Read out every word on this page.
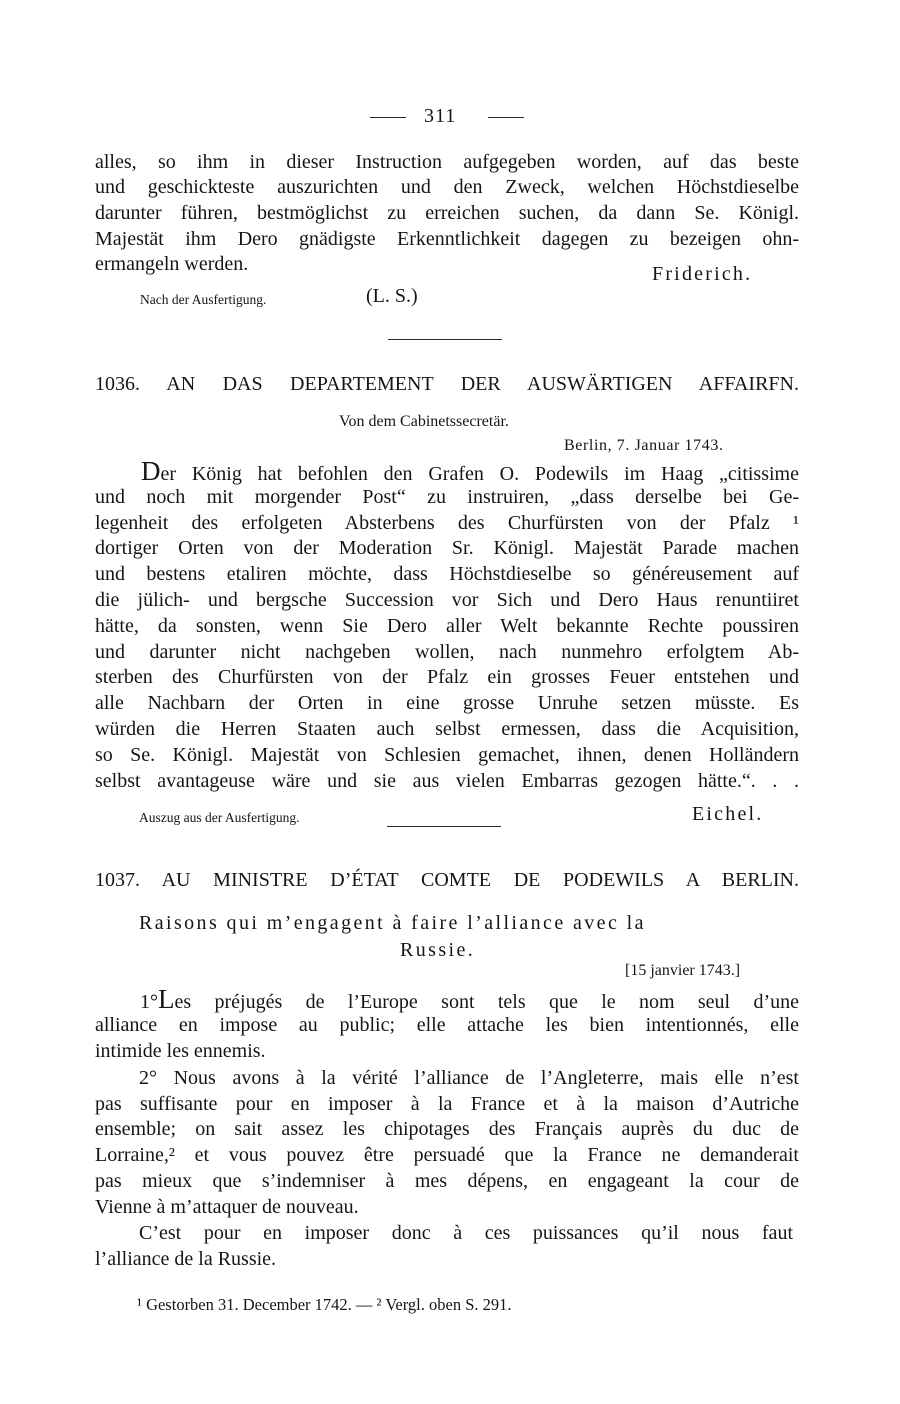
311
alles, so ihm in dieser Instruction aufgegeben worden, auf das beste
und geschickteste auszurichten und den Zweck, welchen Höchstdieselbe
darunter führen, bestmöglichst zu erreichen suchen, da dann Se. Königl.
Majestät ihm Dero gnädigste Erkenntlichkeit dagegen zu bezeigen ohn-
ermangeln werden.	Friderich.
Nach der Ausfertigung.	(L. S.)
1036. AN DAS DEPARTEMENT DER AUSWÄRTIGEN AFFAIRFN.
Von dem Cabinetssecretär.
Berlin, 7. Januar 1743.
D er König hat befohlen den Grafen O. Podewils im Haag „citissime
und noch mit morgender Post“ zu instruiren, „dass derselbe bei Ge-
legenheit des erfolgeten Absterbens des Churfürsten von der Pfalz ¹
dortiger Orten von der Moderation Sr. Königl. Majestät Parade machen
und bestens etaliren möchte, dass Höchstdieselbe so généreusement auf
die jülich- und bergsche Succession vor Sich und Dero Haus renuntiiret
hätte, da sonsten, wenn Sie Dero aller Welt bekannte Rechte poussiren
und darunter nicht nachgeben wollen, nach nunmehro erfolgtem Ab-
sterben des Churfürsten von der Pfalz ein grosses Feuer entstehen und
alle Nachbarn der Orten in eine grosse Unruhe setzen müsste. Es
würden die Herren Staaten auch selbst ermessen, dass die Acquisition,
so Se. Königl. Majestät von Schlesien gemachet, ihnen, denen Holländern
selbst avantageuse wäre und sie aus vielen Embarras gezogen hätte.“. . .
Auszug aus der Ausfertigung.	Eichel.
1037. AU MINISTRE D’ÉTAT COMTE DE PODEWILS A BERLIN.
Raisons qui m’engagent à faire l’alliance avec la
Russie.
[15 janvier 1743.]
1° L es préjugés de l’Europe sont tels que le nom seul d’une
alliance en impose au public; elle attache les bien intentionnés, elle
intimide les ennemis.
2° Nous avons à la vérité l’alliance de l’Angleterre, mais elle n’est
pas suffisante pour en imposer à la France et à la maison d’Autriche
ensemble; on sait assez les chipotages des Français auprès du duc de
Lorraine,² et vous pouvez être persuadé que la France ne demanderait
pas mieux que s’indemniser à mes dépens, en engageant la cour de
Vienne à m’attaquer de nouveau.
C’est pour en imposer donc à ces puissances qu’il nous faut
l’alliance de la Russie.
¹ Gestorben 31. December 1742. — ² Vergl. oben S. 291.
